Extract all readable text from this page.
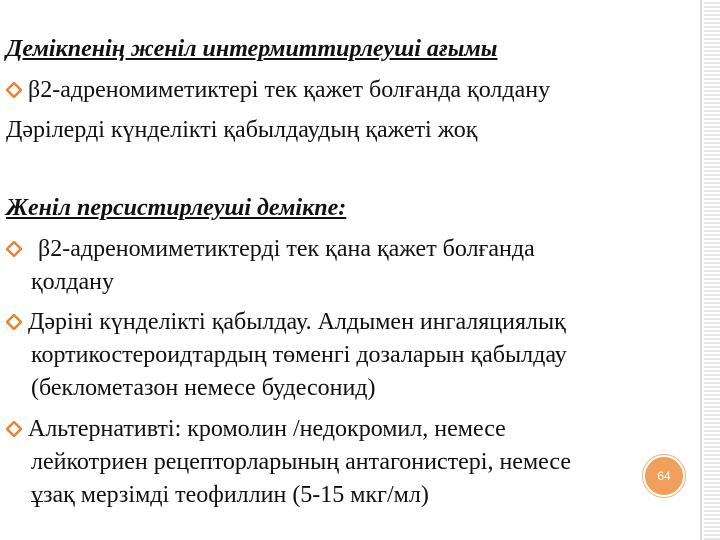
Демікпенің женіл интермиттирлеуші ағымы

β2-адреномиметиктері тек қажет болғанда қолдану

Дәрілерді күнделікті қабылдаудың қажеті жоқ

Женіл персистирлеуші демікпе:

β2-адреномиметиктерді тек қана қажет болғанда

қолдану

Дәріні күнделікті қабылдау. Алдымен ингаляциялық

кортикостероидтардың төменгі дозаларын қабылдау

(беклометазон немесе будесонид)

Альтернативті: кромолин /недокромил, немесе

лейкотриен рецепторларының антагонистері, немесе

ұзақ мерзімді теофиллин (5-15 мкг/мл)

64
